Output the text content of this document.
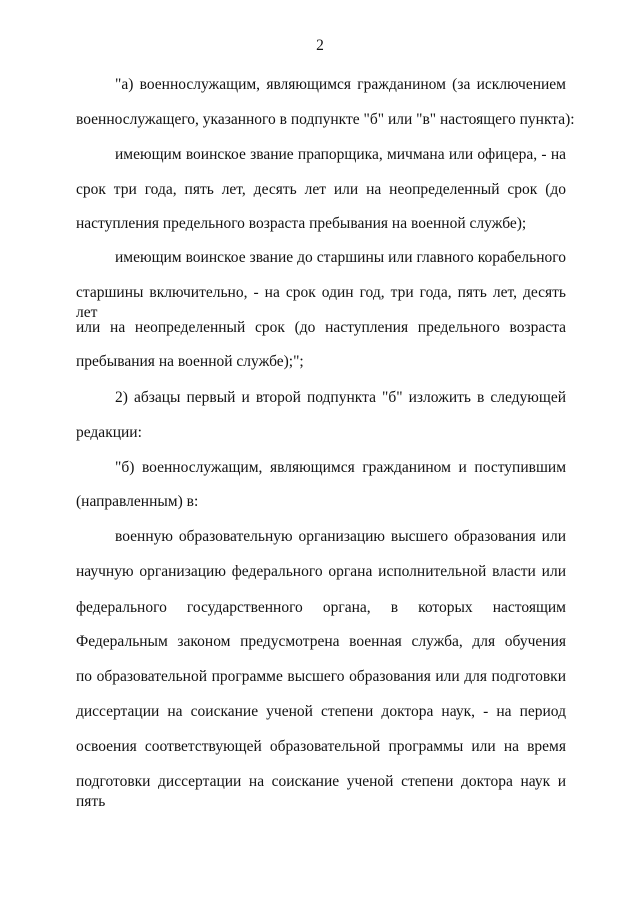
2
"а) военнослужащим, являющимся гражданином (за исключением
военнослужащего, указанного в подпункте "б" или "в" настоящего пункта):
имеющим воинское звание прапорщика, мичмана или офицера, - на
срок три года, пять лет, десять лет или на неопределенный срок (до
наступления предельного возраста пребывания на военной службе);
имеющим воинское звание до старшины или главного корабельного
старшины включительно, - на срок один год, три года, пять лет, десять лет
или на неопределенный срок (до наступления предельного возраста
пребывания на военной службе);";
2) абзацы первый и второй подпункта "б" изложить в следующей
редакции:
"б) военнослужащим, являющимся гражданином и поступившим
(направленным) в:
военную образовательную организацию высшего образования или
научную организацию федерального органа исполнительной власти или
федерального государственного органа, в которых настоящим
Федеральным законом предусмотрена военная служба, для обучения
по образовательной программе высшего образования или для подготовки
диссертации на соискание ученой степени доктора наук, - на период
освоения соответствующей образовательной программы или на время
подготовки диссертации на соискание ученой степени доктора наук и пять
